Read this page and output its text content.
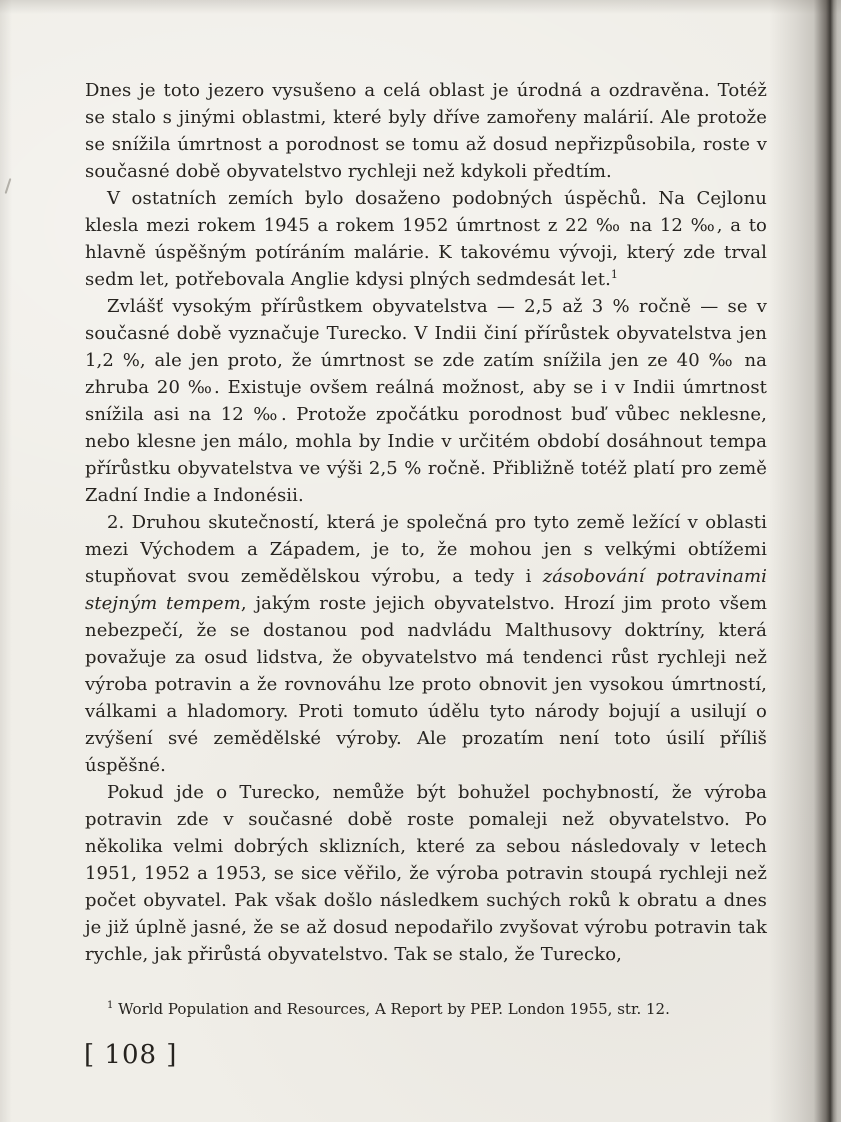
Dnes je toto jezero vysušeno a celá oblast je úrodná a ozdravěna. Totéž se stalo s jinými oblastmi, které byly dříve zamořeny malárií. Ale protože se snížila úmrtnost a porodnost se tomu až dosud nepřizpůsobila, roste v současné době obyvatelstvo rychleji než kdykoli předtím.

V ostatních zemích bylo dosaženo podobných úspěchů. Na Cejlonu klesla mezi rokem 1945 a rokem 1952 úmrtnost z 22 ‰ na 12 ‰, a to hlavně úspěšným potíráním malárie. K takovému vývoji, který zde trval sedm let, potřebovala Anglie kdysi plných sedmdesát let.$^1$

Zvlášť vysokým přírůstkem obyvatelstva — 2,5 až 3 % ročně — se v současné době vyznačuje Turecko. V Indii činí přírůstek obyvatelstva jen 1,2 %, ale jen proto, že úmrtnost se zde zatím snížila jen ze 40 ‰ na zhruba 20 ‰. Existuje ovšem reálná možnost, aby se i v Indii úmrtnost snížila asi na 12 ‰. Protože zpočátku porodnost buď vůbec neklesne, nebo klesne jen málo, mohla by Indie v určitém období dosáhnout tempa přírůstku obyvatelstva ve výši 2,5 % ročně. Přibližně totéž platí pro země Zadní Indie a Indonésii.

2. Druhou skutečností, která je společná pro tyto země ležící v oblasti mezi Východem a Západem, je to, že mohou jen s velkými obtížemi stupňovat svou zemědělskou výrobu, a tedy i zásobování potravinami stejným tempem, jakým roste jejich obyvatelstvo. Hrozí jim proto všem nebezpečí, že se dostanou pod nadvládu Malthusovy doktríny, která považuje za osud lidstva, že obyvatelstvo má tendenci růst rychleji než výroba potravin a že rovnováhu lze proto obnovit jen vysokou úmrtností, válkami a hladomory. Proti tomuto údělu tyto národy bojují a usilují o zvýšení své zemědělské výroby. Ale prozatím není toto úsilí příliš úspěšné.

Pokud jde o Turecko, nemůže být bohužel pochybností, že výroba potravin zde v současné době roste pomaleji než obyvatelstvo. Po několika velmi dobrých sklizních, které za sebou následovaly v letech 1951, 1952 a 1953, se sice věřilo, že výroba potravin stoupá rychleji než počet obyvatel. Pak však došlo následkem suchých roků k obratu a dnes je již úplně jasné, že se až dosud nepodařilo zvyšovat výrobu potravin tak rychle, jak přirůstá obyvatelstvo. Tak se stalo, že Turecko,

$^1$ World Population and Resources, A Report by PEP. London 1955, str. 12.
[ 108 ]
